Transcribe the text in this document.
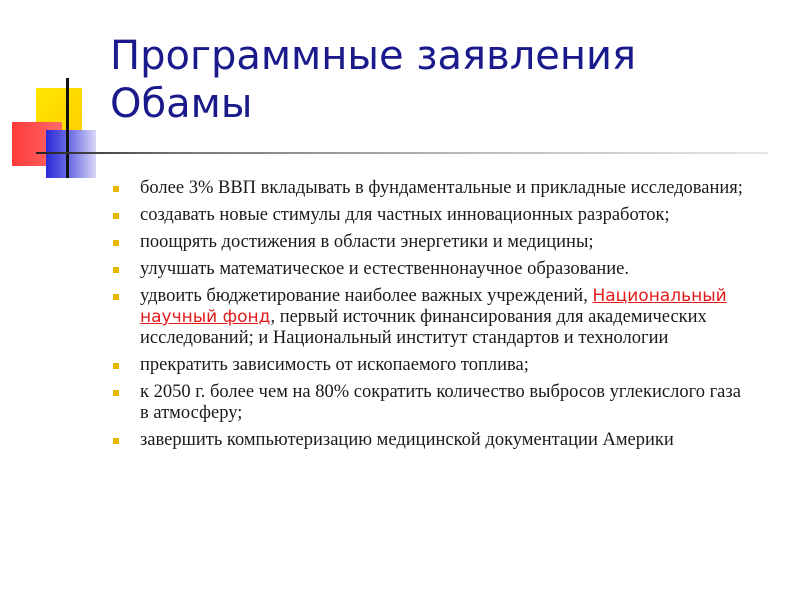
Программные заявления
Обамы
более 3% ВВП вкладывать в фундаментальные и прикладные исследования;
создавать новые стимулы для частных инновационных разработок;
поощрять достижения в области энергетики и медицины;
улучшать математическое и естественнонаучное образование.
удвоить бюджетирование наиболее важных учреждений, Национальный научный фонд, первый источник финансирования для академических исследований; и Национальный институт стандартов и технологии
прекратить зависимость от ископаемого топлива;
к 2050 г. более чем на 80% сократить количество выбросов углекислого газа в атмосферу;
завершить компьютеризацию медицинской документации Америки
